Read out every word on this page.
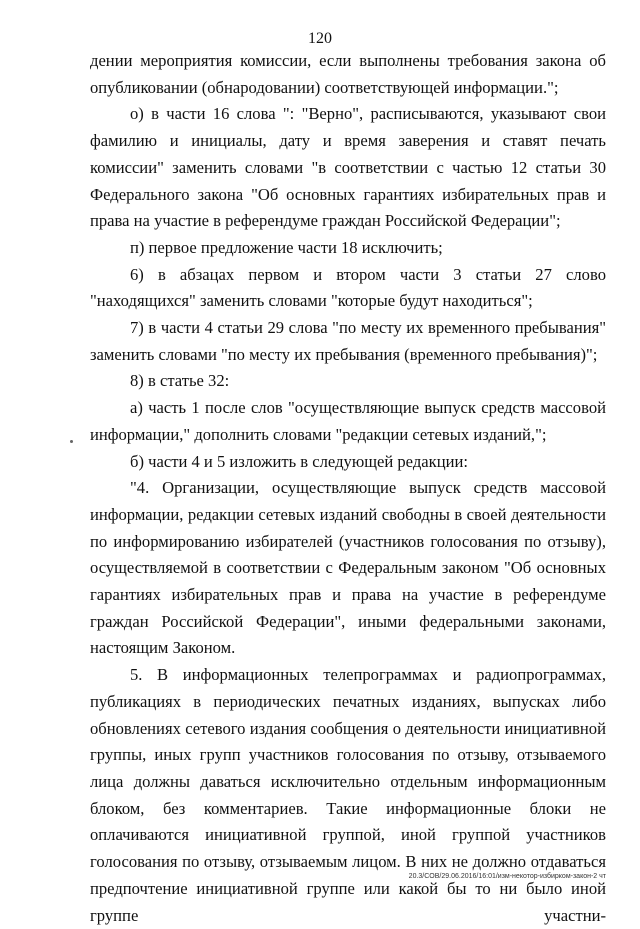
120

дении мероприятия комиссии, если выполнены требования закона об опубликовании (обнародовании) соответствующей информации.";

о) в части 16 слова ": "Верно", расписываются, указывают свои фамилию и инициалы, дату и время заверения и ставят печать комиссии" заменить словами "в соответствии с частью 12 статьи 30 Федерального закона "Об основных гарантиях избирательных прав и права на участие в референдуме граждан Российской Федерации";

п) первое предложение части 18 исключить;

6) в абзацах первом и втором части 3 статьи 27 слово "находящихся" заменить словами "которые будут находиться";

7) в части 4 статьи 29 слова "по месту их временного пребывания" заменить словами "по месту их пребывания (временного пребывания)";

8) в статье 32:

а) часть 1 после слов "осуществляющие выпуск средств массовой информации," дополнить словами "редакции сетевых изданий,";

б) части 4 и 5 изложить в следующей редакции:

"4. Организации, осуществляющие выпуск средств массовой информации, редакции сетевых изданий свободны в своей деятельности по информированию избирателей (участников голосования по отзыву), осуществляемой в соответствии с Федеральным законом "Об основных гарантиях избирательных прав и права на участие в референдуме граждан Российской Федерации", иными федеральными законами, настоящим Законом.

5. В информационных телепрограммах и радиопрограммах, публикациях в периодических печатных изданиях, выпусках либо обновлениях сетевого издания сообщения о деятельности инициативной группы, иных групп участников голосования по отзыву, отзываемого лица должны даваться исключительно отдельным информационным блоком, без комментариев. Такие информационные блоки не оплачиваются инициативной группой, иной группой участников голосования по отзыву, отзываемым лицом. В них не должно отдаваться предпочтение инициативной группе или какой бы то ни было иной группе участни-

20.3/COB/29.06.2016/16:01/изм-некотор-избирком-закон-2 чт
